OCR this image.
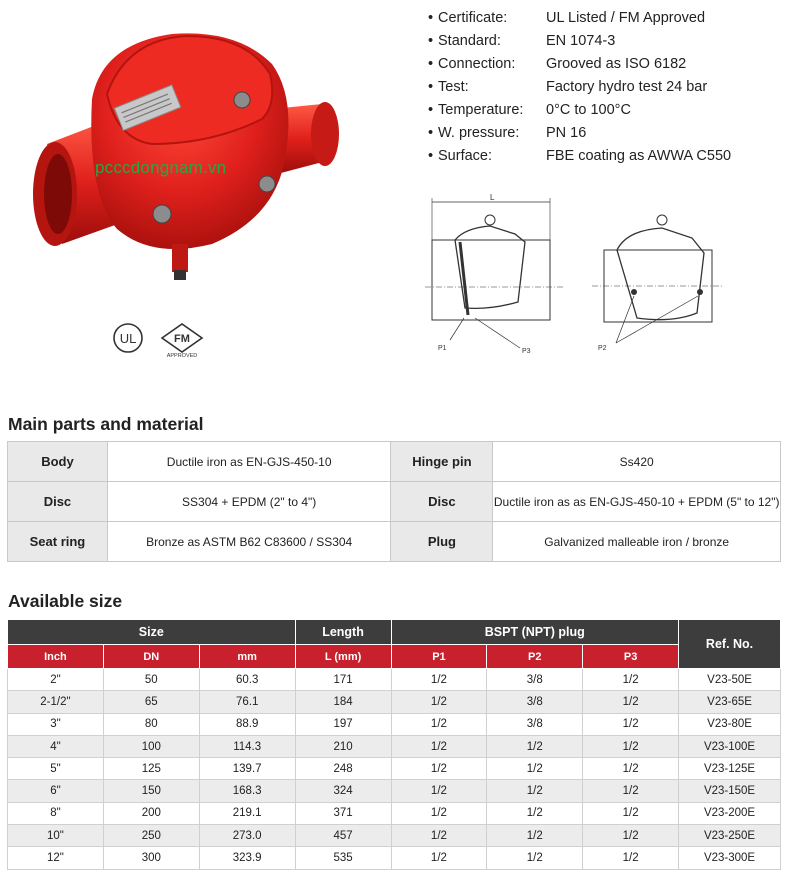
pcccdongnam.vn
UL	FM
APPROVED
• Certificate:	UL Listed / FM Approved
• Standard:	EN 1074-3
• Connection:	Grooved as ISO 6182
• Test:	Factory hydro test 24 bar
• Temperature:	0°C to 100°C
• W. pressure:	PN 16
• Surface:	FBE coating as AWWA C550
L
P1	P3	P2
Main parts and material
Body	Ductile iron as EN-GJS-450-10	Hinge pin	Ss420
Disc	SS304 + EPDM (2" to 4")	Disc	Ductile iron as as EN-GJS-450-10 + EPDM (5" to 12")
Seat ring	Bronze as ASTM B62 C83600 / SS304	Plug	Galvanized malleable iron / bronze
Available size
Size			Length	BSPT (NPT) plug			Ref. No.
Inch	DN	mm	L (mm)	P1	P2	P3	
2"	50	60.3	171	1/2	3/8	1/2	V23-50E
2-1/2"	65	76.1	184	1/2	3/8	1/2	V23-65E
3"	80	88.9	197	1/2	3/8	1/2	V23-80E
4"	100	114.3	210	1/2	1/2	1/2	V23-100E
5"	125	139.7	248	1/2	1/2	1/2	V23-125E
6"	150	168.3	324	1/2	1/2	1/2	V23-150E
8"	200	219.1	371	1/2	1/2	1/2	V23-200E
10"	250	273.0	457	1/2	1/2	1/2	V23-250E
12"	300	323.9	535	1/2	1/2	1/2	V23-300E
